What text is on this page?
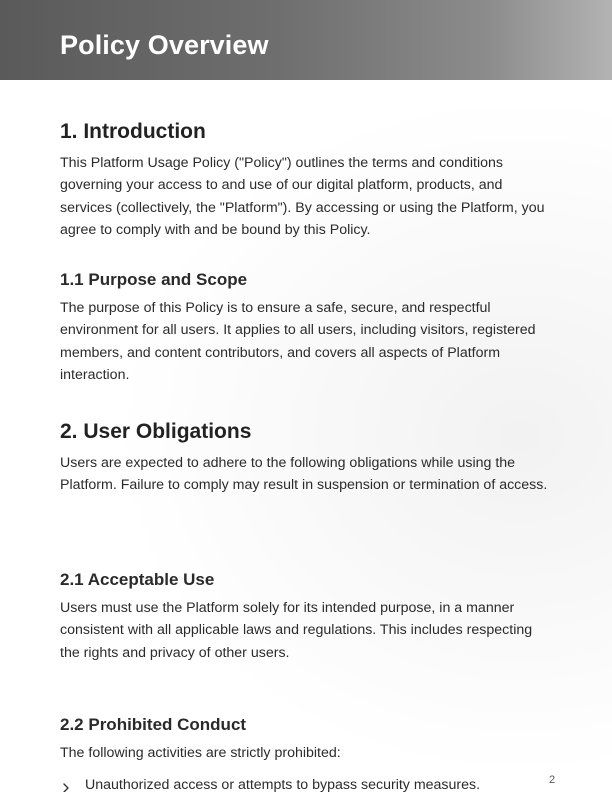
Policy Overview
1. Introduction

This Platform Usage Policy ("Policy") outlines the terms and conditions governing your access to and use of our digital platform, products, and services (collectively, the "Platform"). By accessing or using the Platform, you agree to comply with and be bound by this Policy.

1.1 Purpose and Scope

The purpose of this Policy is to ensure a safe, secure, and respectful environment for all users. It applies to all users, including visitors, registered members, and content contributors, and covers all aspects of Platform interaction.

2. User Obligations

Users are expected to adhere to the following obligations while using the Platform. Failure to comply may result in suspension or termination of access.

2.1 Acceptable Use

Users must use the Platform solely for its intended purpose, in a manner consistent with all applicable laws and regulations. This includes respecting the rights and privacy of other users.

2.2 Prohibited Conduct

The following activities are strictly prohibited:

Unauthorized access or attempts to bypass security measures.	2
